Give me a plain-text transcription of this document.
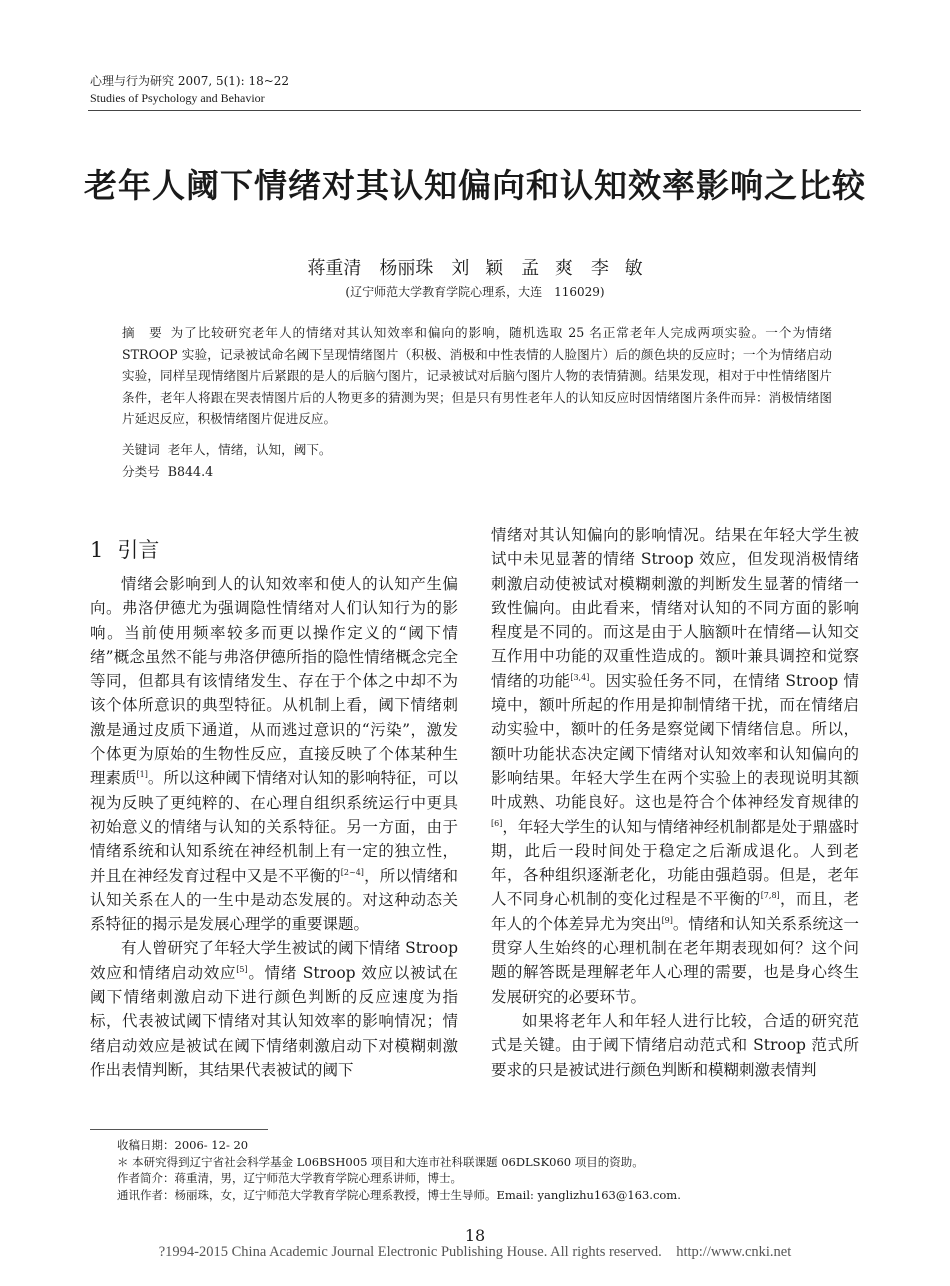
心理与行为研究 2007, 5(1): 18~22
Studies of Psychology and Behavior
老年人阈下情绪对其认知偏向和认知效率影响之比较
蒋重清　杨丽珠　刘 颖　孟 爽　李 敏
(辽宁师范大学教育学院心理系，大连　116029)

摘　要 为了比较研究老年人的情绪对其认知效率和偏向的影响，随机选取 25 名正常老年人完成两项实验。一个为情绪 STROOP 实验，记录被试命名阈下呈现情绪图片（积极、消极和中性表情的人脸图片）后的颜色块的反应时；一个为情绪启动实验，同样呈现情绪图片后紧跟的是人的后脑勺图片，记录被试对后脑勺图片人物的表情猜测。结果发现，相对于中性情绪图片条件，老年人将跟在哭表情图片后的人物更多的猜测为哭；但是只有男性老年人的认知反应时因情绪图片条件而异：消极情绪图片延迟反应，积极情绪图片促进反应。

关键词 老年人，情绪，认知，阈下。
分类号 B844.4
1 引言

情绪会影响到人的认知效率和使人的认知产生偏向。弗洛伊德尤为强调隐性情绪对人们认知行为的影响。当前使用频率较多而更以操作定义的“阈下情绪”概念虽然不能与弗洛伊德所指的隐性情绪概念完全等同，但都具有该情绪发生、存在于个体之中却不为该个体所意识的典型特征。从机制上看，阈下情绪刺激是通过皮质下通道，从而逃过意识的“污染”，激发个体更为原始的生物性反应，直接反映了个体某种生理素质[1]。所以这种阈下情绪对认知的影响特征，可以视为反映了更纯粹的、在心理自组织系统运行中更具初始意义的情绪与认知的关系特征。另一方面，由于情绪系统和认知系统在神经机制上有一定的独立性，并且在神经发育过程中又是不平衡的[2~4]，所以情绪和认知关系在人的一生中是动态发展的。对这种动态关系特征的揭示是发展心理学的重要课题。

有人曾研究了年轻大学生被试的阈下情绪 Stroop 效应和情绪启动效应[5]。情绪 Stroop 效应以被试在阈下情绪刺激启动下进行颜色判断的反应速度为指标，代表被试阈下情绪对其认知效率的影响情况；情绪启动效应是被试在阈下情绪刺激启动下对模糊刺激作出表情判断，其结果代表被试的阈下

情绪对其认知偏向的影响情况。结果在年轻大学生被试中未见显著的情绪 Stroop 效应，但发现消极情绪刺激启动使被试对模糊刺激的判断发生显著的情绪一致性偏向。由此看来，情绪对认知的不同方面的影响程度是不同的。而这是由于人脑额叶在情绪—认知交互作用中功能的双重性造成的。额叶兼具调控和觉察情绪的功能[3,4]。因实验任务不同，在情绪 Stroop 情境中，额叶所起的作用是抑制情绪干扰，而在情绪启动实验中，额叶的任务是察觉阈下情绪信息。所以，额叶功能状态决定阈下情绪对认知效率和认知偏向的影响结果。年轻大学生在两个实验上的表现说明其额叶成熟、功能良好。这也是符合个体神经发育规律的[6]，年轻大学生的认知与情绪神经机制都是处于鼎盛时期，此后一段时间处于稳定之后渐成退化。人到老年，各种组织逐渐老化，功能由强趋弱。但是，老年人不同身心机制的变化过程是不平衡的[7,8]，而且，老年人的个体差异尤为突出[9]。情绪和认知关系系统这一贯穿人生始终的心理机制在老年期表现如何？这个问题的解答既是理解老年人心理的需要，也是身心终生发展研究的必要环节。

如果将老年人和年轻人进行比较，合适的研究范式是关键。由于阈下情绪启动范式和 Stroop 范式所要求的只是被试进行颜色判断和模糊刺激表情判

收稿日期：2006- 12- 20
＊ 本研究得到辽宁省社会科学基金 L06BSH005 项目和大连市社科联课题 06DLSK060 项目的资助。
作者简介：蒋重清，男，辽宁师范大学教育学院心理系讲师，博士。
通讯作者：杨丽珠，女，辽宁师范大学教育学院心理系教授，博士生导师。Email: yanglizhu163@163.com.
18
?1994-2015 China Academic Journal Electronic Publishing House. All rights reserved.　http://www.cnki.net
